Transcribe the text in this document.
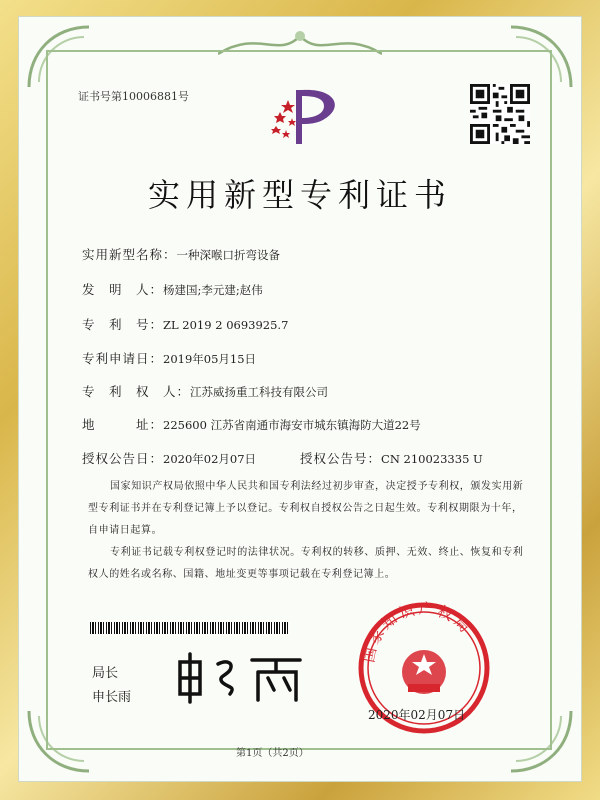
证书号第10006881号
实用新型专利证书
实用新型名称：一种深喉口折弯设备
发　明　人：杨建国;李元建;赵伟
专　利　号：ZL 2019 2 0693925.7
专利申请日：2019年05月15日
专　利　权　人：江苏威扬重工科技有限公司
地　　　址：225600 江苏省南通市海安市城东镇海防大道22号
授权公告日：2020年02月07日	授权公告号：CN 210023335 U
国家知识产权局依照中华人民共和国专利法经过初步审查，决定授予专利权，颁发实用新型专利证书并在专利登记簿上予以登记。专利权自授权公告之日起生效。专利权期限为十年，自申请日起算。
专利证书记载专利权登记时的法律状况。专利权的转移、质押、无效、终止、恢复和专利权人的姓名或名称、国籍、地址变更等事项记载在专利登记簿上。
局长
申长雨
国家知识产权局
2020年02月07日
第1页（共2页）
